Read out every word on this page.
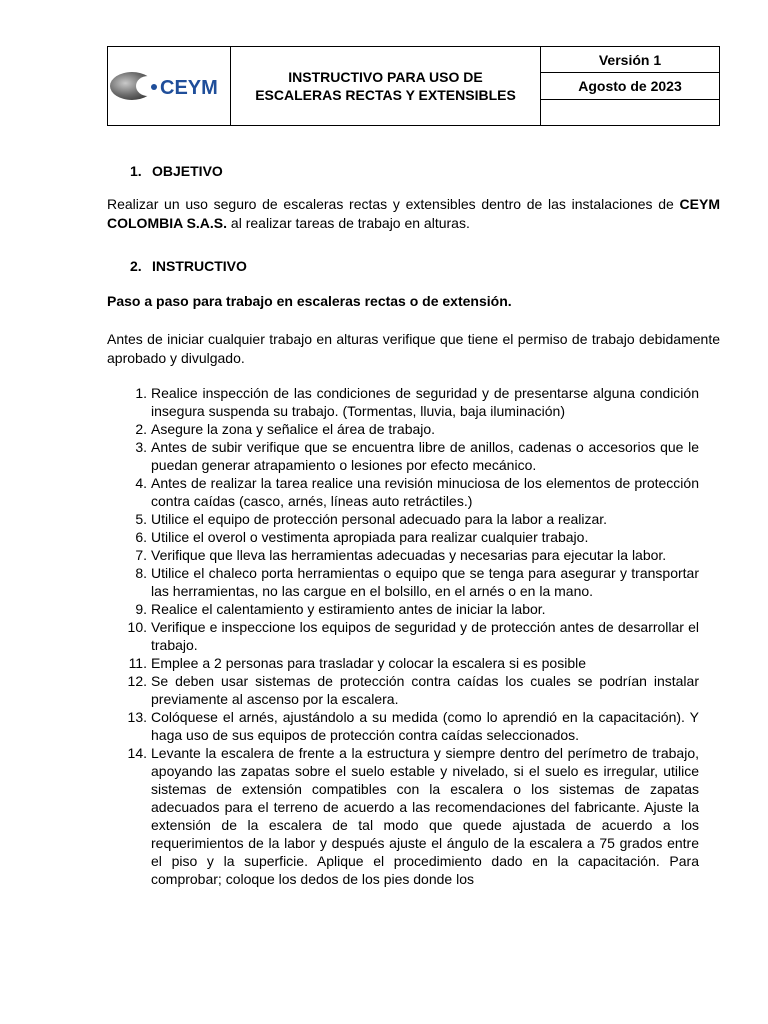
CEYM	INSTRUCTIVO PARA USO DE
ESCALERAS RECTAS Y EXTENSIBLES
Versión 1
Agosto de 2023
1. OBJETIVO
Realizar un uso seguro de escaleras rectas y extensibles dentro de las instalaciones de CEYM COLOMBIA S.A.S. al realizar tareas de trabajo en alturas.
2. INSTRUCTIVO
Paso a paso para trabajo en escaleras rectas o de extensión.
Antes de iniciar cualquier trabajo en alturas verifique que tiene el permiso de trabajo debidamente aprobado y divulgado.
1. Realice inspección de las condiciones de seguridad y de presentarse alguna condición insegura suspenda su trabajo. (Tormentas, lluvia, baja iluminación)
2. Asegure la zona y señalice el área de trabajo.
3. Antes de subir verifique que se encuentra libre de anillos, cadenas o accesorios que le puedan generar atrapamiento o lesiones por efecto mecánico.
4. Antes de realizar la tarea realice una revisión minuciosa de los elementos de protección contra caídas (casco, arnés, líneas auto retráctiles.)
5. Utilice el equipo de protección personal adecuado para la labor a realizar.
6. Utilice el overol o vestimenta apropiada para realizar cualquier trabajo.
7. Verifique que lleva las herramientas adecuadas y necesarias para ejecutar la labor.
8. Utilice el chaleco porta herramientas o equipo que se tenga para asegurar y transportar las herramientas, no las cargue en el bolsillo, en el arnés o en la mano.
9. Realice el calentamiento y estiramiento antes de iniciar la labor.
10. Verifique e inspeccione los equipos de seguridad y de protección antes de desarrollar el trabajo.
11. Emplee a 2 personas para trasladar y colocar la escalera si es posible
12. Se deben usar sistemas de protección contra caídas los cuales se podrían instalar previamente al ascenso por la escalera.
13. Colóquese el arnés, ajustándolo a su medida (como lo aprendió en la capacitación). Y haga uso de sus equipos de protección contra caídas seleccionados.
14. Levante la escalera de frente a la estructura y siempre dentro del perímetro de trabajo, apoyando las zapatas sobre el suelo estable y nivelado, si el suelo es irregular, utilice sistemas de extensión compatibles con la escalera o los sistemas de zapatas adecuados para el terreno de acuerdo a las recomendaciones del fabricante. Ajuste la extensión de la escalera de tal modo que quede ajustada de acuerdo a los requerimientos de la labor y después ajuste el ángulo de la escalera a 75 grados entre el piso y la superficie. Aplique el procedimiento dado en la capacitación. Para comprobar; coloque los dedos de los pies donde los
